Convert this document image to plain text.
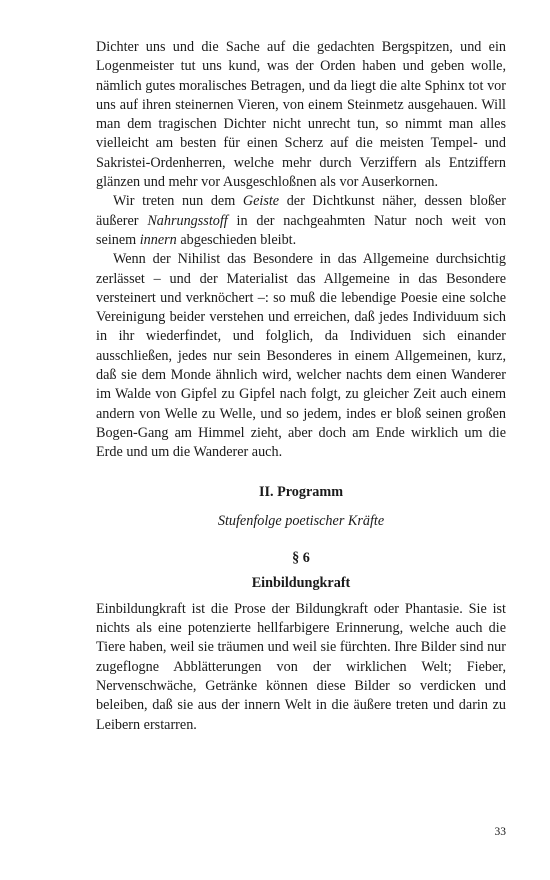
Dichter uns und die Sache auf die gedachten Bergspitzen, und ein Logenmeister tut uns kund, was der Orden haben und geben wolle, nämlich gutes moralisches Betragen, und da liegt die alte Sphinx tot vor uns auf ihren steinernen Vieren, von einem Steinmetz ausgehauen. Will man dem tragischen Dichter nicht unrecht tun, so nimmt man alles vielleicht am besten für einen Scherz auf die meisten Tempel- und Sakristei-Ordenherren, welche mehr durch Verziffern als Entziffern glänzen und mehr vor Ausgeschloßnen als vor Auserkornen.

Wir treten nun dem Geiste der Dichtkunst näher, dessen bloßer äußerer Nahrungsstoff in der nachgeahmten Natur noch weit von seinem innern abgeschieden bleibt.

Wenn der Nihilist das Besondere in das Allgemeine durchsichtig zerlässet – und der Materialist das Allgemeine in das Besondere versteinert und verknöchert –: so muß die lebendige Poesie eine solche Vereinigung beider verstehen und erreichen, daß jedes Individuum sich in ihr wiederfindet, und folglich, da Individuen sich einander ausschließen, jedes nur sein Besonderes in einem Allgemeinen, kurz, daß sie dem Monde ähnlich wird, welcher nachts dem einen Wanderer im Walde von Gipfel zu Gipfel nach folgt, zu gleicher Zeit auch einem andern von Welle zu Welle, und so jedem, indes er bloß seinen großen Bogen-Gang am Himmel zieht, aber doch am Ende wirklich um die Erde und um die Wanderer auch.

II. Programm
Stufenfolge poetischer Kräfte
§ 6
Einbildungkraft

Einbildungkraft ist die Prose der Bildungkraft oder Phantasie. Sie ist nichts als eine potenzierte hellfarbigere Erinnerung, welche auch die Tiere haben, weil sie träumen und weil sie fürchten. Ihre Bilder sind nur zugeflogne Abblätterungen von der wirklichen Welt; Fieber, Nervenschwäche, Getränke können diese Bilder so verdicken und beleiben, daß sie aus der innern Welt in die äußere treten und darin zu Leibern erstarren.

33
